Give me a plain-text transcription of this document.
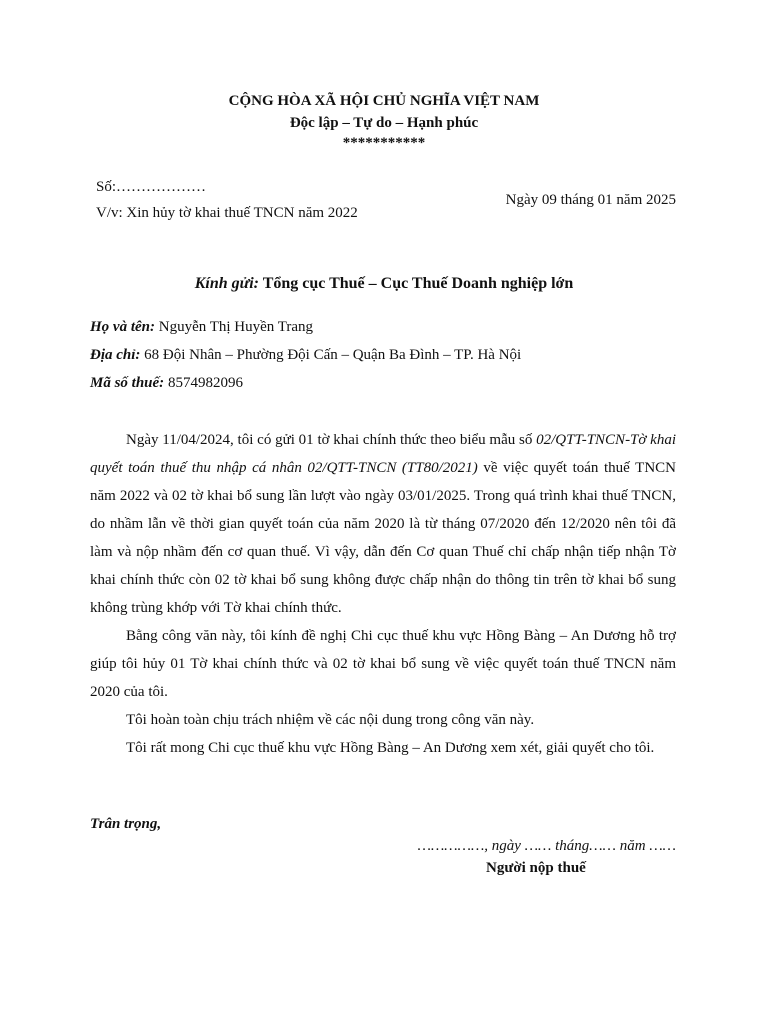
CỘNG HÒA XÃ HỘI CHỦ NGHĨA VIỆT NAM
Độc lập – Tự do – Hạnh phúc
***********
Số:………………
V/v: Xin hủy tờ khai thuế TNCN năm 2022
Ngày 09 tháng 01 năm 2025
Kính gửi: Tổng cục Thuế – Cục Thuế Doanh nghiệp lớn
Họ và tên: Nguyễn Thị Huyền Trang
Địa chỉ: 68 Đội Nhân – Phường Đội Cấn – Quận Ba Đình – TP. Hà Nội
Mã số thuế: 8574982096

Ngày 11/04/2024, tôi có gửi 01 tờ khai chính thức theo biểu mẫu số 02/QTT-TNCN-Tờ khai quyết toán thuế thu nhập cá nhân 02/QTT-TNCN (TT80/2021) về việc quyết toán thuế TNCN năm 2022 và 02 tờ khai bổ sung lần lượt vào ngày 03/01/2025. Trong quá trình khai thuế TNCN, do nhầm lẫn về thời gian quyết toán của năm 2020 là từ tháng 07/2020 đến 12/2020 nên tôi đã làm và nộp nhầm đến cơ quan thuế. Vì vậy, dẫn đến Cơ quan Thuế chỉ chấp nhận tiếp nhận Tờ khai chính thức còn 02 tờ khai bổ sung không được chấp nhận do thông tin trên tờ khai bổ sung không trùng khớp với Tờ khai chính thức.

Bằng công văn này, tôi kính đề nghị Chi cục thuế khu vực Hồng Bàng – An Dương hỗ trợ giúp tôi hủy 01 Tờ khai chính thức và 02 tờ khai bổ sung về việc quyết toán thuế TNCN năm 2020 của tôi.

Tôi hoàn toàn chịu trách nhiệm về các nội dung trong công văn này.

Tôi rất mong Chi cục thuế khu vực Hồng Bàng – An Dương xem xét, giải quyết cho tôi.

Trân trọng,
……………, ngày …… tháng…… năm ……
Người nộp thuế
